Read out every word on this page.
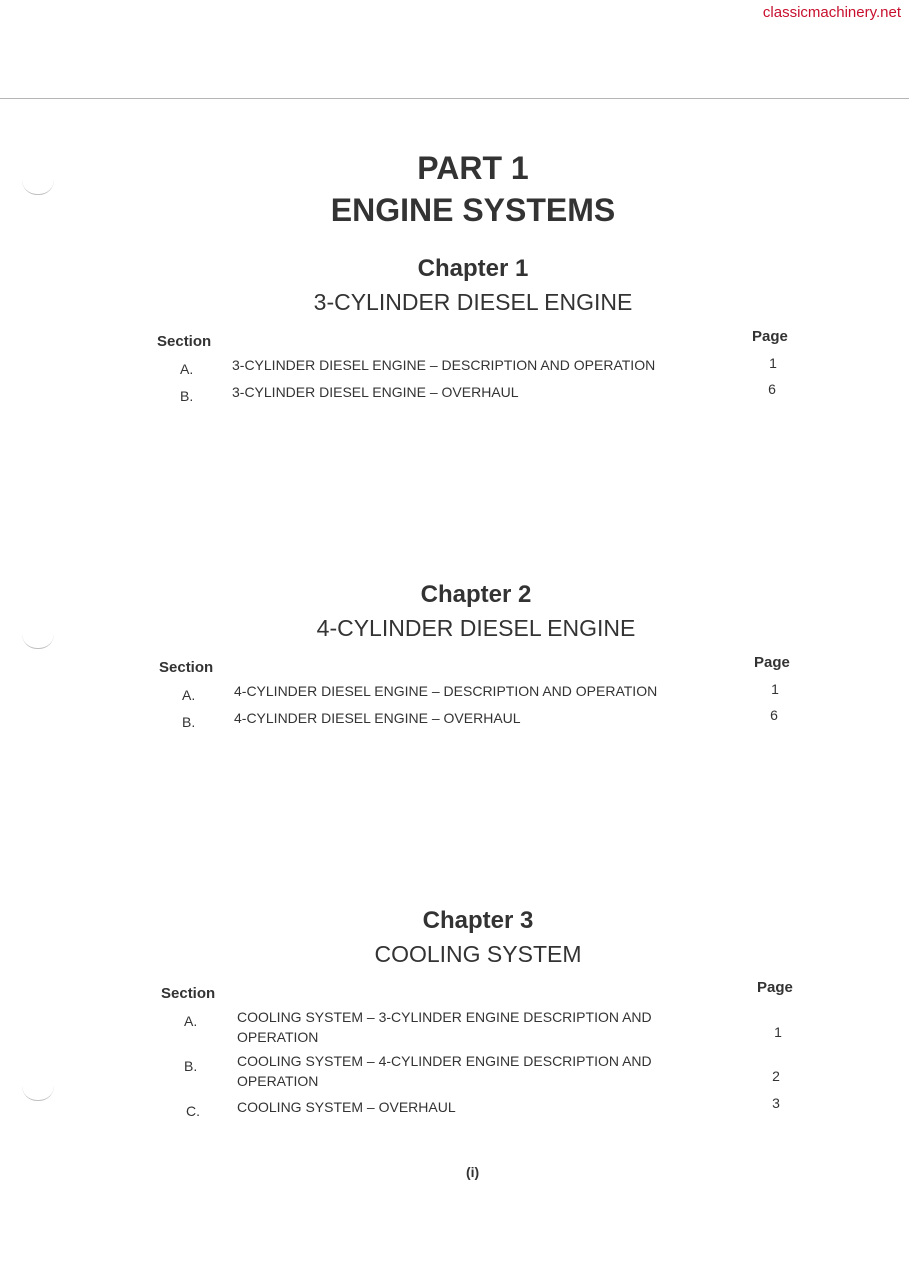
classicmachinery.net
PART 1
ENGINE SYSTEMS
Chapter 1
3-CYLINDER DIESEL ENGINE
Section	Page
A.	3-CYLINDER DIESEL ENGINE – DESCRIPTION AND OPERATION	1
B.	3-CYLINDER DIESEL ENGINE – OVERHAUL	6
Chapter 2
4-CYLINDER DIESEL ENGINE
Section	Page
A.	4-CYLINDER DIESEL ENGINE – DESCRIPTION AND OPERATION	1
B.	4-CYLINDER DIESEL ENGINE – OVERHAUL	6
Chapter 3
COOLING SYSTEM
Section	Page
A.	COOLING SYSTEM – 3-CYLINDER ENGINE DESCRIPTION AND OPERATION	1
B.	COOLING SYSTEM – 4-CYLINDER ENGINE DESCRIPTION AND OPERATION	2
C.	COOLING SYSTEM – OVERHAUL	3
(i)
